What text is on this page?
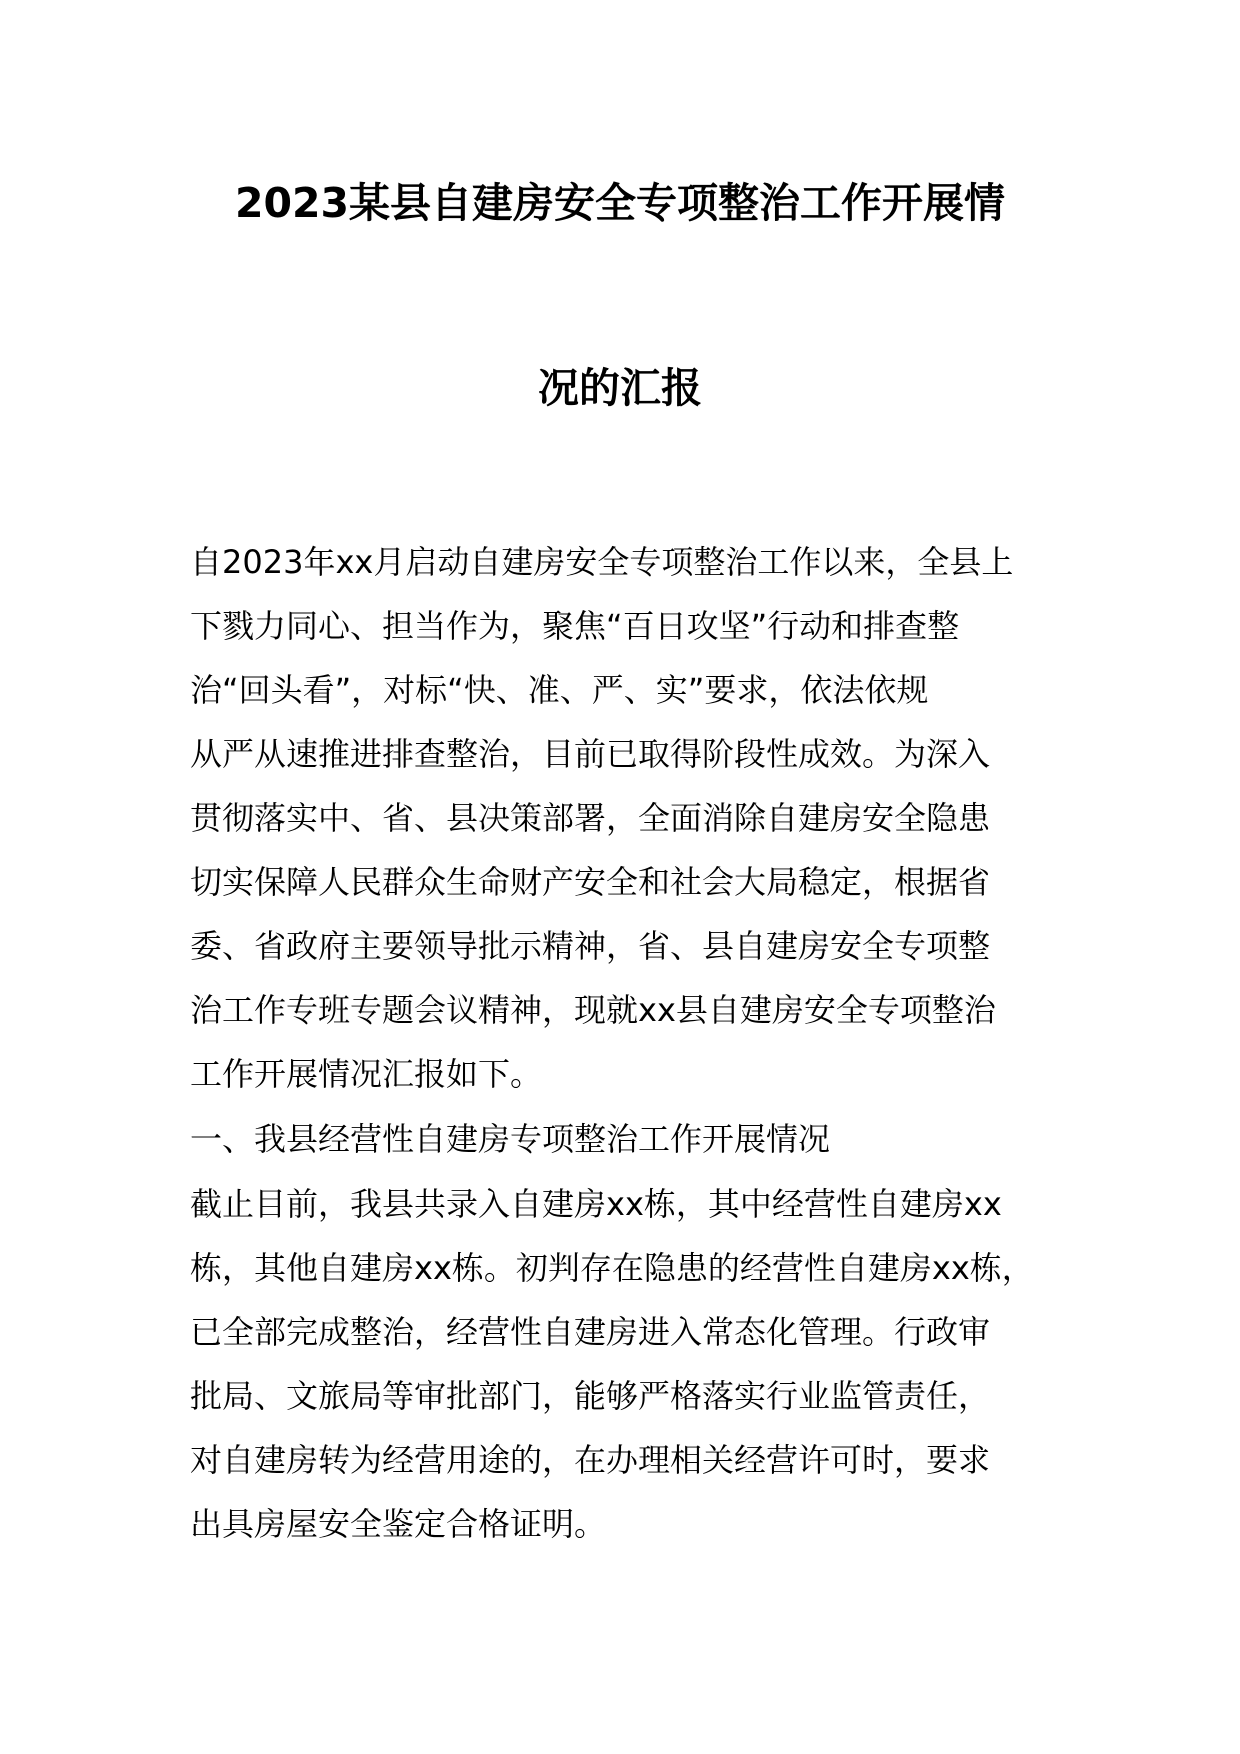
2023某县自建房安全专项整治工作开展情
况的汇报
自2023年xx月启动自建房安全专项整治工作以来，全县上
下戮力同心、担当作为，聚焦“百日攻坚”行动和排查整
治“回头看”，对标“快、准、严、实”要求，依法依规
从严从速推进排查整治，目前已取得阶段性成效。为深入
贯彻落实中、省、县决策部署，全面消除自建房安全隐患
切实保障人民群众生命财产安全和社会大局稳定，根据省
委、省政府主要领导批示精神，省、县自建房安全专项整
治工作专班专题会议精神，现就xx县自建房安全专项整治
工作开展情况汇报如下。
一、我县经营性自建房专项整治工作开展情况
截止目前，我县共录入自建房xx栋，其中经营性自建房xx
栋，其他自建房xx栋。初判存在隐患的经营性自建房xx栋，
已全部完成整治，经营性自建房进入常态化管理。行政审
批局、文旅局等审批部门，能够严格落实行业监管责任，
对自建房转为经营用途的，在办理相关经营许可时，要求
出具房屋安全鉴定合格证明。
